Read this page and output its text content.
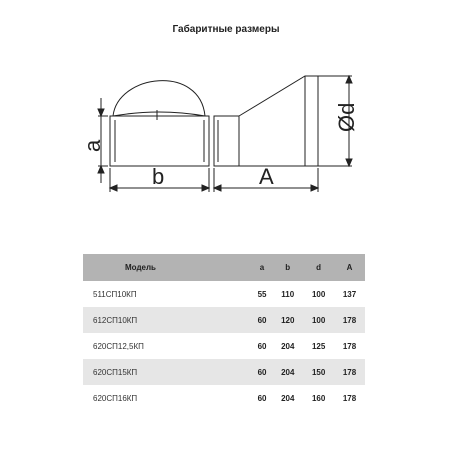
Габаритные размеры
a
b	A
Ød
Модель	a	b	d	A
511СП10КП	55	110	100	137
612СП10КП	60	120	100	178
620СП12,5КП	60	204	125	178
620СП15КП	60	204	150	178
620СП16КП	60	204	160	178
